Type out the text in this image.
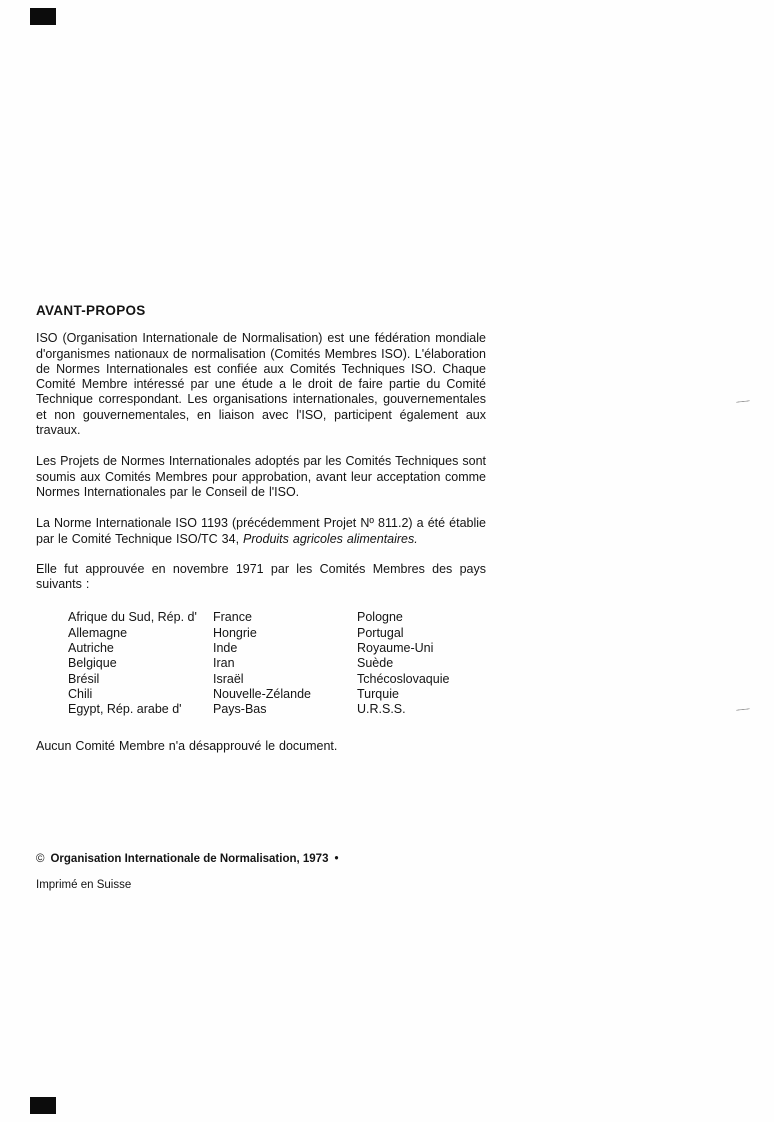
AVANT-PROPOS

ISO (Organisation Internationale de Normalisation) est une fédération mondiale d'organismes nationaux de normalisation (Comités Membres ISO). L'élaboration de Normes Internationales est confiée aux Comités Techniques ISO. Chaque Comité Membre intéressé par une étude a le droit de faire partie du Comité Technique correspondant. Les organisations internationales, gouvernementales et non gouvernementales, en liaison avec l'ISO, participent également aux travaux.

Les Projets de Normes Internationales adoptés par les Comités Techniques sont soumis aux Comités Membres pour approbation, avant leur acceptation comme Normes Internationales par le Conseil de l'ISO.

La Norme Internationale ISO 1193 (précédemment Projet Nº 811.2) a été établie par le Comité Technique ISO/TC 34, Produits agricoles alimentaires.

Elle fut approuvée en novembre 1971 par les Comités Membres des pays suivants :

Afrique du Sud, Rép. d'
Allemagne
Autriche
Belgique
Brésil
Chili
Egypt, Rép. arabe d'
France
Hongrie
Inde
Iran
Israël
Nouvelle-Zélande
Pays-Bas
Pologne
Portugal
Royaume-Uni
Suède
Tchécoslovaquie
Turquie
U.R.S.S.

Aucun Comité Membre n'a désapprouvé le document.

© Organisation Internationale de Normalisation, 1973 •
Imprimé en Suisse
